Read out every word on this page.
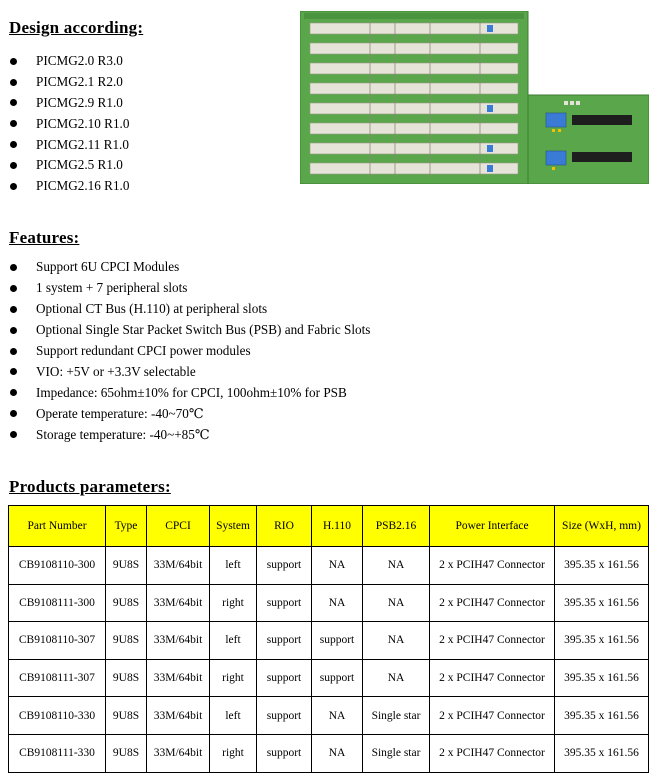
Design according:
PICMG2.0 R3.0
PICMG2.1 R2.0
PICMG2.9 R1.0
PICMG2.10 R1.0
PICMG2.11 R1.0
PICMG2.5 R1.0
PICMG2.16 R1.0
Features:
Support 6U CPCI Modules
1 system + 7 peripheral slots
Optional CT Bus (H.110) at peripheral slots
Optional Single Star Packet Switch Bus (PSB) and Fabric Slots
Support redundant CPCI power modules
VIO: +5V or +3.3V selectable
Impedance: 65ohm±10% for CPCI, 100ohm±10% for PSB
Operate temperature: -40~70℃
Storage temperature: -40~+85℃
Products parameters:
Part Number	Type	CPCI	System	RIO	H.110	PSB2.16	Power Interface	Size (WxH, mm)
CB9108110-300	9U8S	33M/64bit	left	support	NA	NA	2 x PCIH47 Connector	395.35 x 161.56
CB9108111-300	9U8S	33M/64bit	right	support	NA	NA	2 x PCIH47 Connector	395.35 x 161.56
CB9108110-307	9U8S	33M/64bit	left	support	support	NA	2 x PCIH47 Connector	395.35 x 161.56
CB9108111-307	9U8S	33M/64bit	right	support	support	NA	2 x PCIH47 Connector	395.35 x 161.56
CB9108110-330	9U8S	33M/64bit	left	support	NA	Single star	2 x PCIH47 Connector	395.35 x 161.56
CB9108111-330	9U8S	33M/64bit	right	support	NA	Single star	2 x PCIH47 Connector	395.35 x 161.56
